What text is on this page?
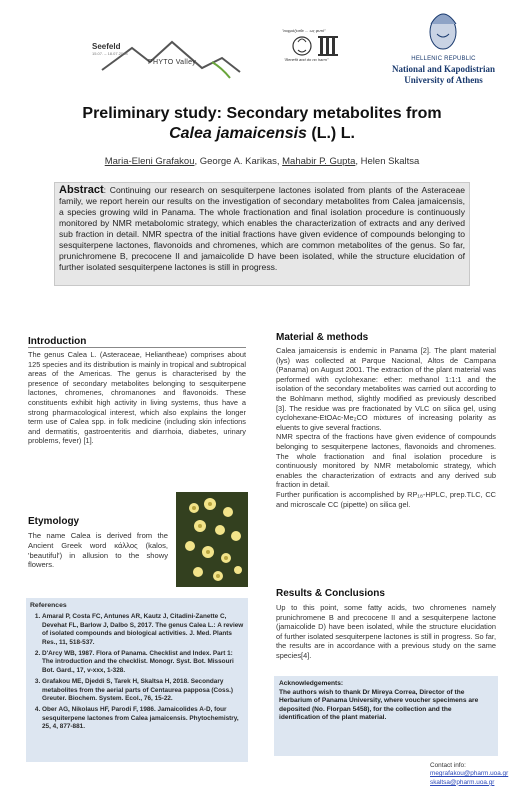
Seefeld
15.07. – 18.07.2018
PHYTO Valley
"εκφράζεσθε ... ως φυτό"
"Benefit and do no harm"	HELLENIC REPUBLIC
National and Kapodistrian
University of Athens
Preliminary study: Secondary metabolites from
Calea jamaicensis (L.) L.
Maria-Eleni Grafakou, George A. Karikas, Mahabir P. Gupta, Helen Skaltsa
Abstract: Continuing our research on sesquiterpene lactones isolated from plants of the Asteraceae family, we report herein our results on the investigation of secondary metabolites from Calea jamaicensis, a species growing wild in Panama. The whole fractionation and final isolation procedure is continuously monitored by NMR metabolomic strategy, which enables the characterization of extracts and any derived sub fraction in detail. NMR spectra of the initial fractions have given evidence of compounds belonging to sesquiterpene lactones, flavonoids and chromenes, which are common metabolites of the genus. So far, prunichromene B, precocene II and jamaicolide D have been isolated, while the structure elucidation of further isolated sesquiterpene lactones is still in progress.
Introduction
The genus Calea L. (Asteraceae, Heliantheae) comprises about 125 species and its distribution is mainly in tropical and subtropical areas of the Americas. The genus is characterised by the presence of secondary metabolites belonging to sesquiterpene lactones, chromenes, chromanones and flavonoids. These constituents exhibit high activity in living systems, thus have a strong pharmacological interest, which also explains the longer term use of Calea spp. in folk medicine (including skin infections and dermatitis, gastroenteritis and diarrhoia, diabetes, urinary problems, fever) [1].
Etymology
The name Calea is derived from the Ancient Greek word κάλλος (kalos, 'beautiful') in allusion to the showy flowers.
References
1. Amaral P, Costa FC, Antunes AR, Kautz J, Citadini-Zanette C, Devehat FL, Barlow J, Dalbo S, 2017. The genus Calea L.: A review of isolated compounds and biological activities. J. Med. Plants Res., 11, 518-537.
2. D'Arcy WB, 1987. Flora of Panama. Checklist and Index. Part 1: The introduction and the checklist. Monogr. Syst. Bot. Missouri Bot. Gard., 17, v-xxx, 1-328.
3. Grafakou ME, Djeddi S, Tarek H, Skaltsa H, 2018. Secondary metabolites from the aerial parts of Centaurea papposa (Coss.) Greuter. Biochem. System. Ecol., 76, 15-22.
4. Ober AG, Nikolaus HF, Parodi F, 1986. Jamaicolides A-D, four sesquiterpene lactones from Calea jamaicensis. Phytochemistry, 25, 4, 877-881.
Material & methods

Calea jamaicensis is endemic in Panama [2]. The plant material (lys) was collected at Parque Nacional, Altos de Campana (Panama) on August 2001. The extraction of the plant material was performed with cyclohexane: ether: methanol 1:1:1 and the isolation of the secondary metabolites was carried out according to the Bohlmann method, slightly modified as previously described [3]. The residue was pre fractionated by VLC on silica gel, using cyclohexane-EtOAc-Me₂CO mixtures of increasing polarity as eluents to give several fractions.

NMR spectra of the fractions have given evidence of compounds belonging to sesquiterpene lactones, flavonoids and chromenes. The whole fractionation and final isolation procedure is continuously monitored by NMR metabolomic strategy, which enables the characterization of extracts and any derived sub fraction in detail.

Further purification is accomplished by RP₁₈-HPLC, prep.TLC, CC and microscale CC (pipette) on silica gel.

Results & Conclusions
Up to this point, some fatty acids, two chromenes namely prunichromene B and precocene II and a sesquiterpene lactone (jamaicolide D) have been isolated, while the structure elucidation of further isolated sesquiterpene lactones is still in progress. So far, the results are in accordance with a previous study on the same species[4].
Acknowledgements:
The authors wish to thank Dr Mireya Correa, Director of the Herbarium of Panama University, where voucher specimens are deposited (No. Florpan 5458), for the collection and the identification of the plant material.
Contact info:
megrafakou@pharm.uoa.gr
skaltsa@pharm.uoa.gr
